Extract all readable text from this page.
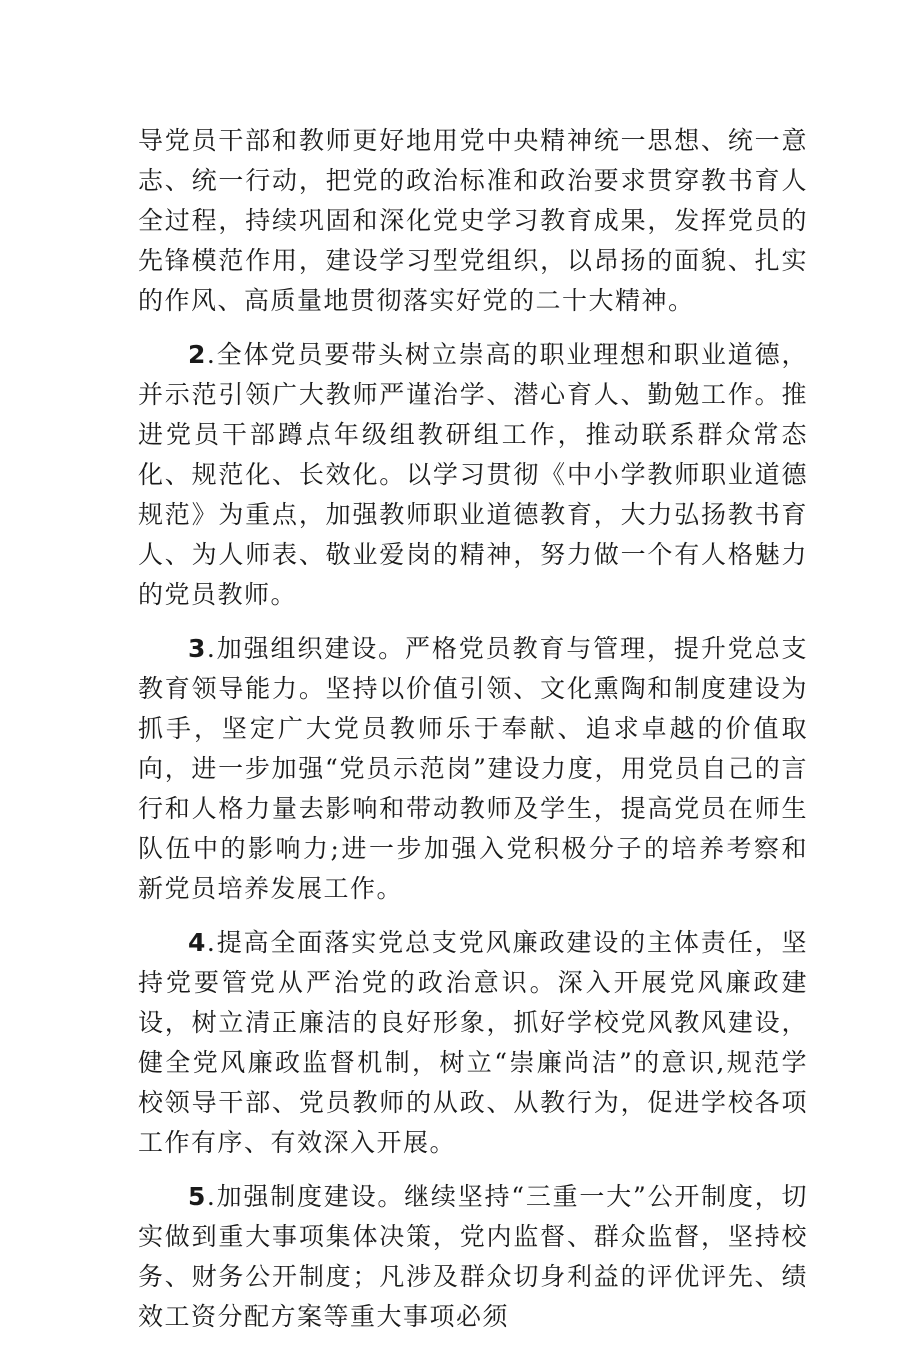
导党员干部和教师更好地用党中央精神统一思想、统一意志、统一行动，把党的政治标准和政治要求贯穿教书育人全过程，持续巩固和深化党史学习教育成果，发挥党员的先锋模范作用，建设学习型党组织，以昂扬的面貌、扎实的作风、高质量地贯彻落实好党的二十大精神。

2.全体党员要带头树立崇高的职业理想和职业道德，并示范引领广大教师严谨治学、潜心育人、勤勉工作。推进党员干部蹲点年级组教研组工作，推动联系群众常态化、规范化、长效化。以学习贯彻《中小学教师职业道德规范》为重点，加强教师职业道德教育，大力弘扬教书育人、为人师表、敬业爱岗的精神，努力做一个有人格魅力的党员教师。

3.加强组织建设。严格党员教育与管理，提升党总支教育领导能力。坚持以价值引领、文化熏陶和制度建设为抓手，坚定广大党员教师乐于奉献、追求卓越的价值取向，进一步加强“党员示范岗”建设力度，用党员自己的言行和人格力量去影响和带动教师及学生，提高党员在师生队伍中的影响力;进一步加强入党积极分子的培养考察和新党员培养发展工作。

4.提高全面落实党总支党风廉政建设的主体责任，坚持党要管党从严治党的政治意识。深入开展党风廉政建设，树立清正廉洁的良好形象，抓好学校党风教风建设，健全党风廉政监督机制，树立“崇廉尚洁”的意识,规范学校领导干部、党员教师的从政、从教行为，促进学校各项工作有序、有效深入开展。

5.加强制度建设。继续坚持“三重一大”公开制度，切实做到重大事项集体决策，党内监督、群众监督，坚持校务、财务公开制度；凡涉及群众切身利益的评优评先、绩效工资分配方案等重大事项必须
